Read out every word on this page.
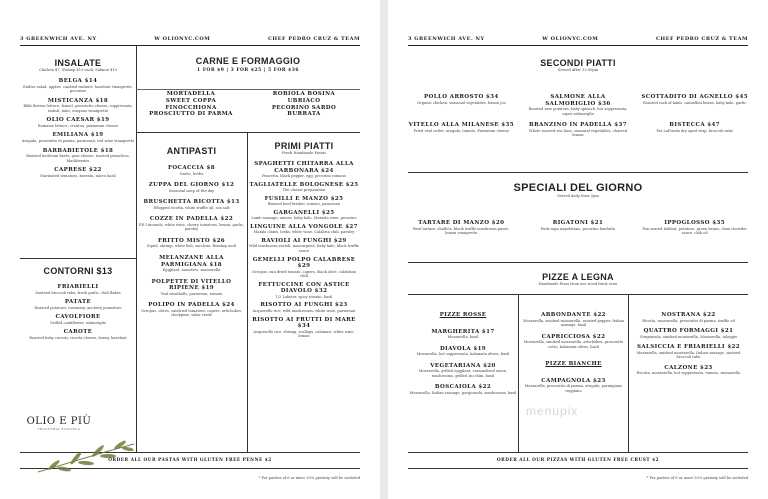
3 GREENWICH AVE. NY	W OLIONYC.COM	CHEF PEDRO CRUZ & TEAM
INSALATE
Chicken $7, Shrimp $13 each, Salmon $15
BELGA $14
Endive salad, apples, candied walnuts, hazelnut vinaigrette, pecorino
MISTICANZA $18
Bibb Boston lettuce, fennel, prosciutto cheese, soppressata, radish, mint, oregano vinaigrette
OLIO CAESAR $19
Romaine lettuce, crouton, parmesan cheese
EMILIANA $19
Arugula, prosciutto di parma, parmesan, red wine vinaigrette
BARBABIETOLE $18
Roasted heirloom beets, goat cheese, toasted pistachios, blackberries
CAPRESE $22
Marinated tomatoes, burrata, micro basil
CONTORNI $13
FRIARIELLI
Sauteed broccoli rabe, fresh garlic, chili flakes
PATATE
Roasted potatoes, rosemary, anchovy pomodoro
CAVOLFIORE
Grilled cauliflower, salmoriglio
CAROTE
Roasted baby carrots, ricotta cheese, honey, hazelnut
OLIO E PIÙ
TRATTORIA ENOTECA
CARNE E FORMAGGIO
1 FOR $9 | 3 FOR $25 | 5 FOR $36
MORTADELLA
SWEET COPPA
FINOCCHIONA
PROSCIUTTO DI PARMA
ROBIOLA BOSINA
UBRIACO
PECORINO SARDO
BURRATA
ANTIPASTI
FOCACCIA $8
Garlic, herbs
ZUPPA DEL GIORNO $12
Seasonal soup of the day
BRUSCHETTA RICOTTA $13
Whipped ricotta, white truffle oil, sea salt
COZZE IN PADELLA $22
P.E.I mussels, white wine, cherry tomatoes, lemon, garlic, parsley
FRITTO MISTO $26
Squid, shrimp, white fish, zucchini, Bombay aioli
MELANZANE ALLA PARMIGIANA $18
Eggplant, tomatoes, mozzarella
POLPETTE DI VITELLO RIPIENE $19
Veal meatballs, parmesan, tomato
POLIPO IN PADELLA $24
Octopus, olives, sundried tomatoes, capers, artichokes, chickpeas, salsa verde
PRIMI PIATTI
Fresh Handmade Pastas
SPAGHETTI CHITARRA ALLA CARBONARA $24
Pancetta, black pepper, egg, pecorino romano
TAGLIATELLE BOLOGNESE $25
The classic preparation
FUSILLI E MANZO $25
Braised beef brisket, tomato, parmesan
GARGANELLI $25
Lamb sausage, onions, baby kale, Marsala wine, pecorino
LINGUINE ALLA VONGOLE $27
Manila clams, leeks, white wine, Calabria chili, parsley
RAVIOLI AI FUNGHI $29
Wild mushroom ravioli, mascarpone, baby kale, black truffle sauce
GEMELLI POLPO CALABRESE $29
Octopus, sun dried tomato, capers, black olive, calabrian chili
FETTUCCINE CON ASTICE DIAVOLO $32
1/2 Lobster, spicy tomato, basil
RISOTTO AI FUNGHI $23
Acquerello rice, wild mushrooms, white wine, parmesan
RISOTTO AI FRUTTI DI MARE $34
Acquerello rice, shrimp, scallops, calamari, white wine, lemon
ORDER ALL OUR PASTAS WITH GLUTEN FREE PENNE $2
* For parties of 6 or more 20% gratuity will be included
3 GREENWICH AVE. NY	W OLIONYC.COM	CHEF PEDRO CRUZ & TEAM
SECONDI PIATTI
Served After 12:00pm
POLLO ARROSTO $34
Organic chicken, seasonal vegetables, lemon jus
SALMONE ALLA SALMORIGLIO $36
Roasted new potatoes, baby spinach, hot soppressata, caper salmoriglio
SCOTTADITO DI AGNELLO $45
Roasted rack of lamb, cannellini beans, baby kale, garlic
VITELLO ALLA MILANESE $35
Fried veal cutlet, arugula, tomato, Parmesan cheese
BRANZINO IN PADELLA $37
Whole roasted sea bass, seasonal vegetables, charred lemon
BISTECCA $47
Pat LaFrieda dry aged strip, broccoli rabe
SPECIALI DEL GIORNO
Served daily from 5pm
TARTARE DI MANZO $20
Beef tartare, shallots, black truffle mushroom puree, lemon vinaigrette
RIGATONI $21
Pork ragu napoletano, pecorino fondutta
IPPOGLOSSO $35
Pan seared halibut, potatoes, green beans, clam chowder sauce, chili oil
PIZZE A LEGNA
Handmade Pizza from our wood brick oven
PIZZE ROSSE
MARGHERITA $17
Mozzarella, basil
DIAVOLA $19
Mozzarella, hot soppressata, kalamata olives, basil
VEGETARIANA $20
Mozzarella, grilled eggplant, caramelized onion, mushrooms, grilled zucchini, basil
BOSCAIOLA $22
Mozzarella, Italian sausage, gorgonzola, mushrooms, basil
ABBONDANTE $22
Mozzarella, smoked mozzarella, roasted pepper, Italian sausage, basil
CAPRICCIOSA $22
Mozzarella, smoked mozzarella, artichokes, prosciutto cotto, kalamata olives, basil
PIZZE BIANCHE
CAMPAGNOLA $23
Mozzarella, prosciutto di parma, arugula, parmigiano reggiano
NOSTRANA $22
Ricotta, mozzarella, prosciutto di parma, truffle oil
QUATTRO FORMAGGI $21
Gorgonzola, smoked mozzarella, Mozzarella, taleggio
SALSICCIA E FRIARIELLI $22
Mozzarella, smoked mozzarella, Italian sausage, sauteed broccoli rabe
CALZONE $23
Ricotta, mozzarella, hot soppressata, tomato, mozzarella
menupix
ORDER ALL OUR PIZZAS WITH GLUTEN FREE CRUST $2
* For parties of 6 or more 20% gratuity will be included
